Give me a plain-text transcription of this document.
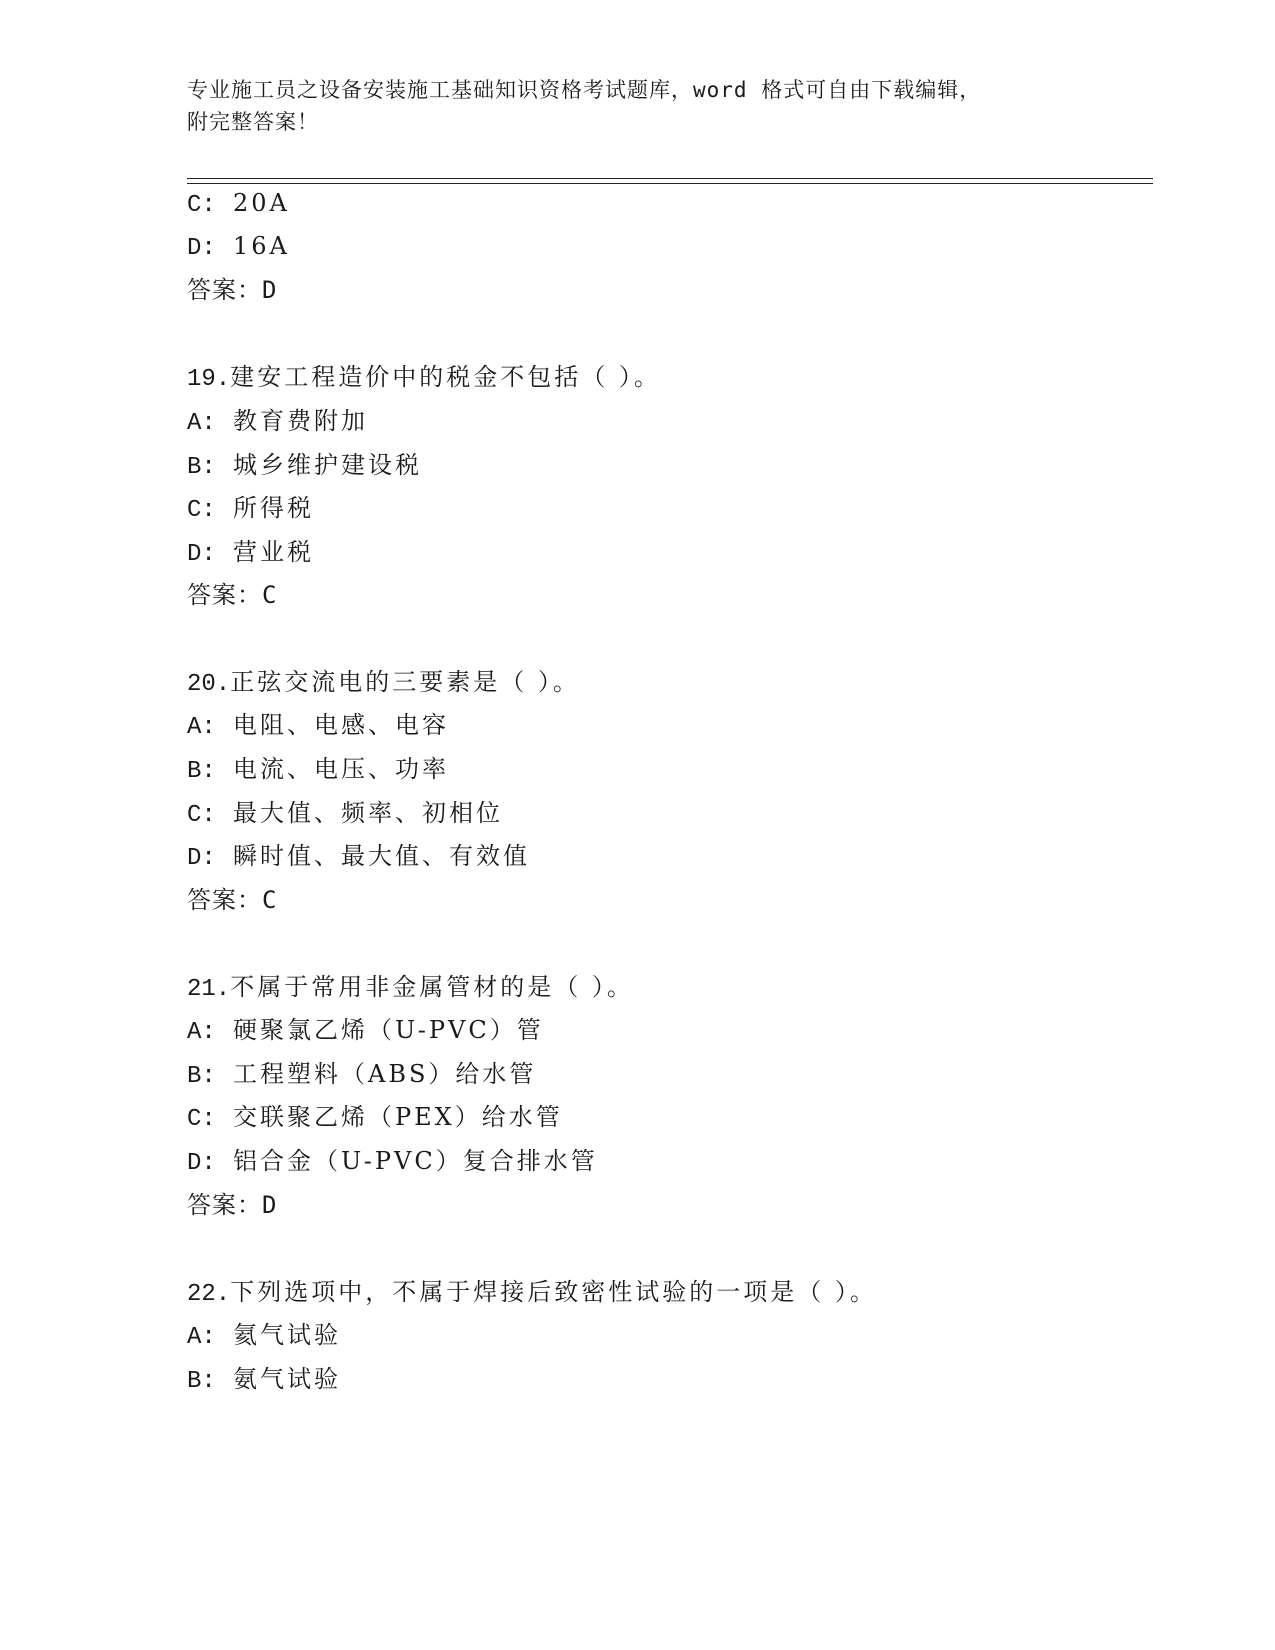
专业施工员之设备安装施工基础知识资格考试题库，word 格式可自由下载编辑，
附完整答案！
C: 20A
D: 16A
答案：D
19.建安工程造价中的税金不包括（ ）。
A: 教育费附加
B: 城乡维护建设税
C: 所得税
D: 营业税
答案：C
20.正弦交流电的三要素是（ ）。
A: 电阻、电感、电容
B: 电流、电压、功率
C: 最大值、频率、初相位
D: 瞬时值、最大值、有效值
答案：C
21.不属于常用非金属管材的是（ ）。
A: 硬聚氯乙烯（U-PVC）管
B: 工程塑料（ABS）给水管
C: 交联聚乙烯（PEX）给水管
D: 铝合金（U-PVC）复合排水管
答案：D
22.下列选项中，不属于焊接后致密性试验的一项是（ ）。
A: 氦气试验
B: 氨气试验
